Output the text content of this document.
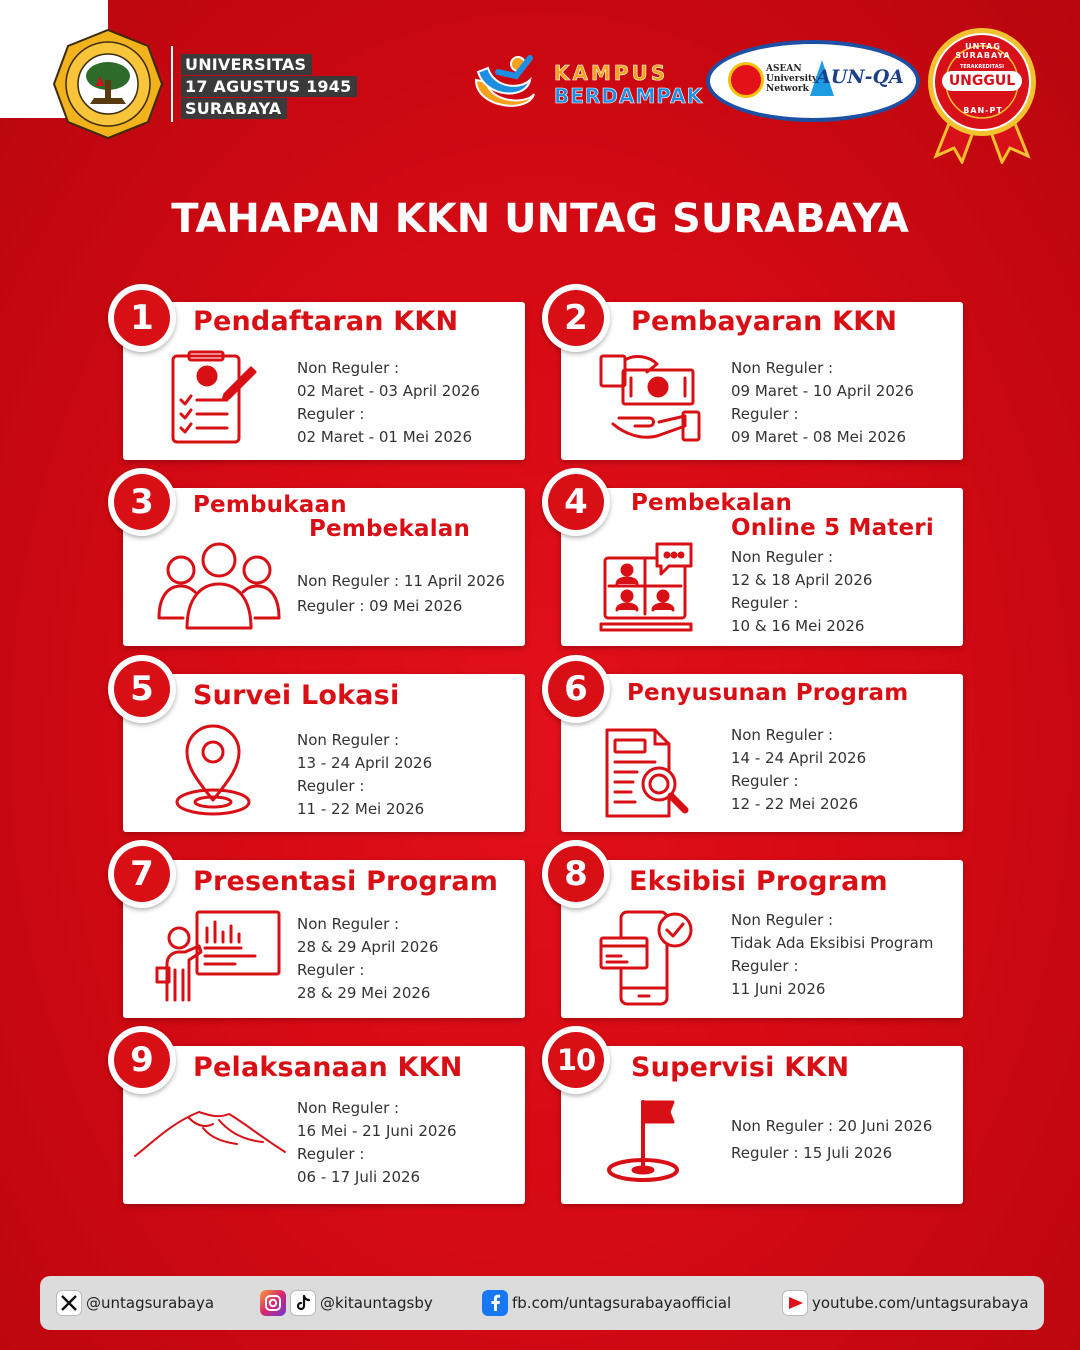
UNIVERSITAS
17 AGUSTUS 1945
SURABAYA
KAMPUS
BERDAMPAK
ASEAN
University
Network
AUN-QA
UNTAG SURABAYA
TERAKREDITASI
UNGGUL
BAN-PT
TAHAPAN KKN UNTAG SURABAYA
Pendaftaran KKN
Non Reguler :
02 Maret - 03 April 2026
Reguler :
02 Maret - 01 Mei 2026
1	Pembayaran KKN
Non Reguler :
09 Maret - 10 April 2026
Reguler :
09 Maret - 08 Mei 2026
2
Pembukaan
Pembekalan
Non Reguler : 11 April 2026
Reguler : 09 Mei 2026
3	Pembekalan
Online 5 Materi
Non Reguler :
12 & 18 April 2026
Reguler :
10 & 16 Mei 2026
4
Survei Lokasi
Non Reguler :
13 - 24 April 2026
Reguler :
11 - 22 Mei 2026
5	Penyusunan Program
Non Reguler :
14 - 24 April 2026
Reguler :
12 - 22 Mei 2026
6
Presentasi Program
Non Reguler :
28 & 29 April 2026
Reguler :
28 & 29 Mei 2026
7	Eksibisi Program
Non Reguler :
Tidak Ada Eksibisi Program
Reguler :
11 Juni 2026
8
Pelaksanaan KKN
Non Reguler :
16 Mei - 21 Juni 2026
Reguler :
06 - 17 Juli 2026
9	Supervisi KKN
Non Reguler : 20 Juni 2026
Reguler : 15 Juli 2026
10
@untagsurabaya	@kitauntagsby	fb.com/untagsurabayaofficial	youtube.com/untagsurabaya
